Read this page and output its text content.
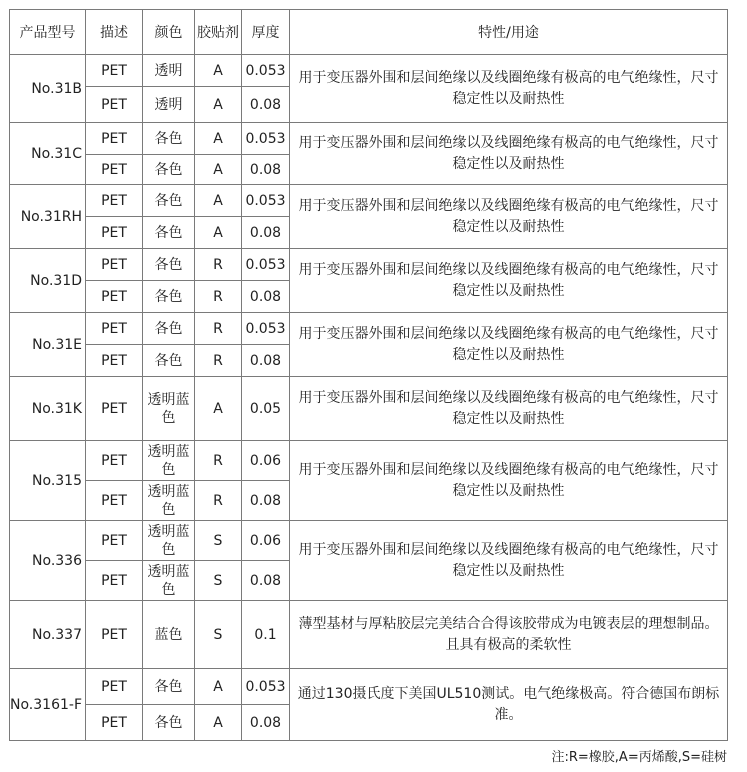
产品型号	描述	颜色	胶贴剂	厚度	特性/用途
No.31B	PET	透明	A	0.053	用于变压器外围和层间绝缘以及线圈绝缘有极高的电气绝缘性，尺寸稳定性以及耐热性
	PET	透明	A	0.08	
No.31C	PET	各色	A	0.053	用于变压器外围和层间绝缘以及线圈绝缘有极高的电气绝缘性，尺寸稳定性以及耐热性
	PET	各色	A	0.08	
No.31RH	PET	各色	A	0.053	用于变压器外围和层间绝缘以及线圈绝缘有极高的电气绝缘性，尺寸稳定性以及耐热性
	PET	各色	A	0.08	
No.31D	PET	各色	R	0.053	用于变压器外围和层间绝缘以及线圈绝缘有极高的电气绝缘性，尺寸稳定性以及耐热性
	PET	各色	R	0.08	
No.31E	PET	各色	R	0.053	用于变压器外围和层间绝缘以及线圈绝缘有极高的电气绝缘性，尺寸稳定性以及耐热性
	PET	各色	R	0.08	
No.31K	PET	透明蓝色	A	0.05	用于变压器外围和层间绝缘以及线圈绝缘有极高的电气绝缘性，尺寸稳定性以及耐热性
No.315	PET	透明蓝色	R	0.06	用于变压器外围和层间绝缘以及线圈绝缘有极高的电气绝缘性，尺寸稳定性以及耐热性
	PET	透明蓝色	R	0.08	
No.336	PET	透明蓝色	S	0.06	用于变压器外围和层间绝缘以及线圈绝缘有极高的电气绝缘性，尺寸稳定性以及耐热性
	PET	透明蓝色	S	0.08	
No.337	PET	蓝色	S	0.1	薄型基材与厚粘胶层完美结合合得该胶带成为电镀表层的理想制品。且具有极高的柔软性
No.3161-F	PET	各色	A	0.053	通过130摄氏度下美国UL510测试。电气绝缘极高。符合德国布朗标准。
	PET	各色	A	0.08	
注:R=橡胶,A=丙烯酸,S=硅树
